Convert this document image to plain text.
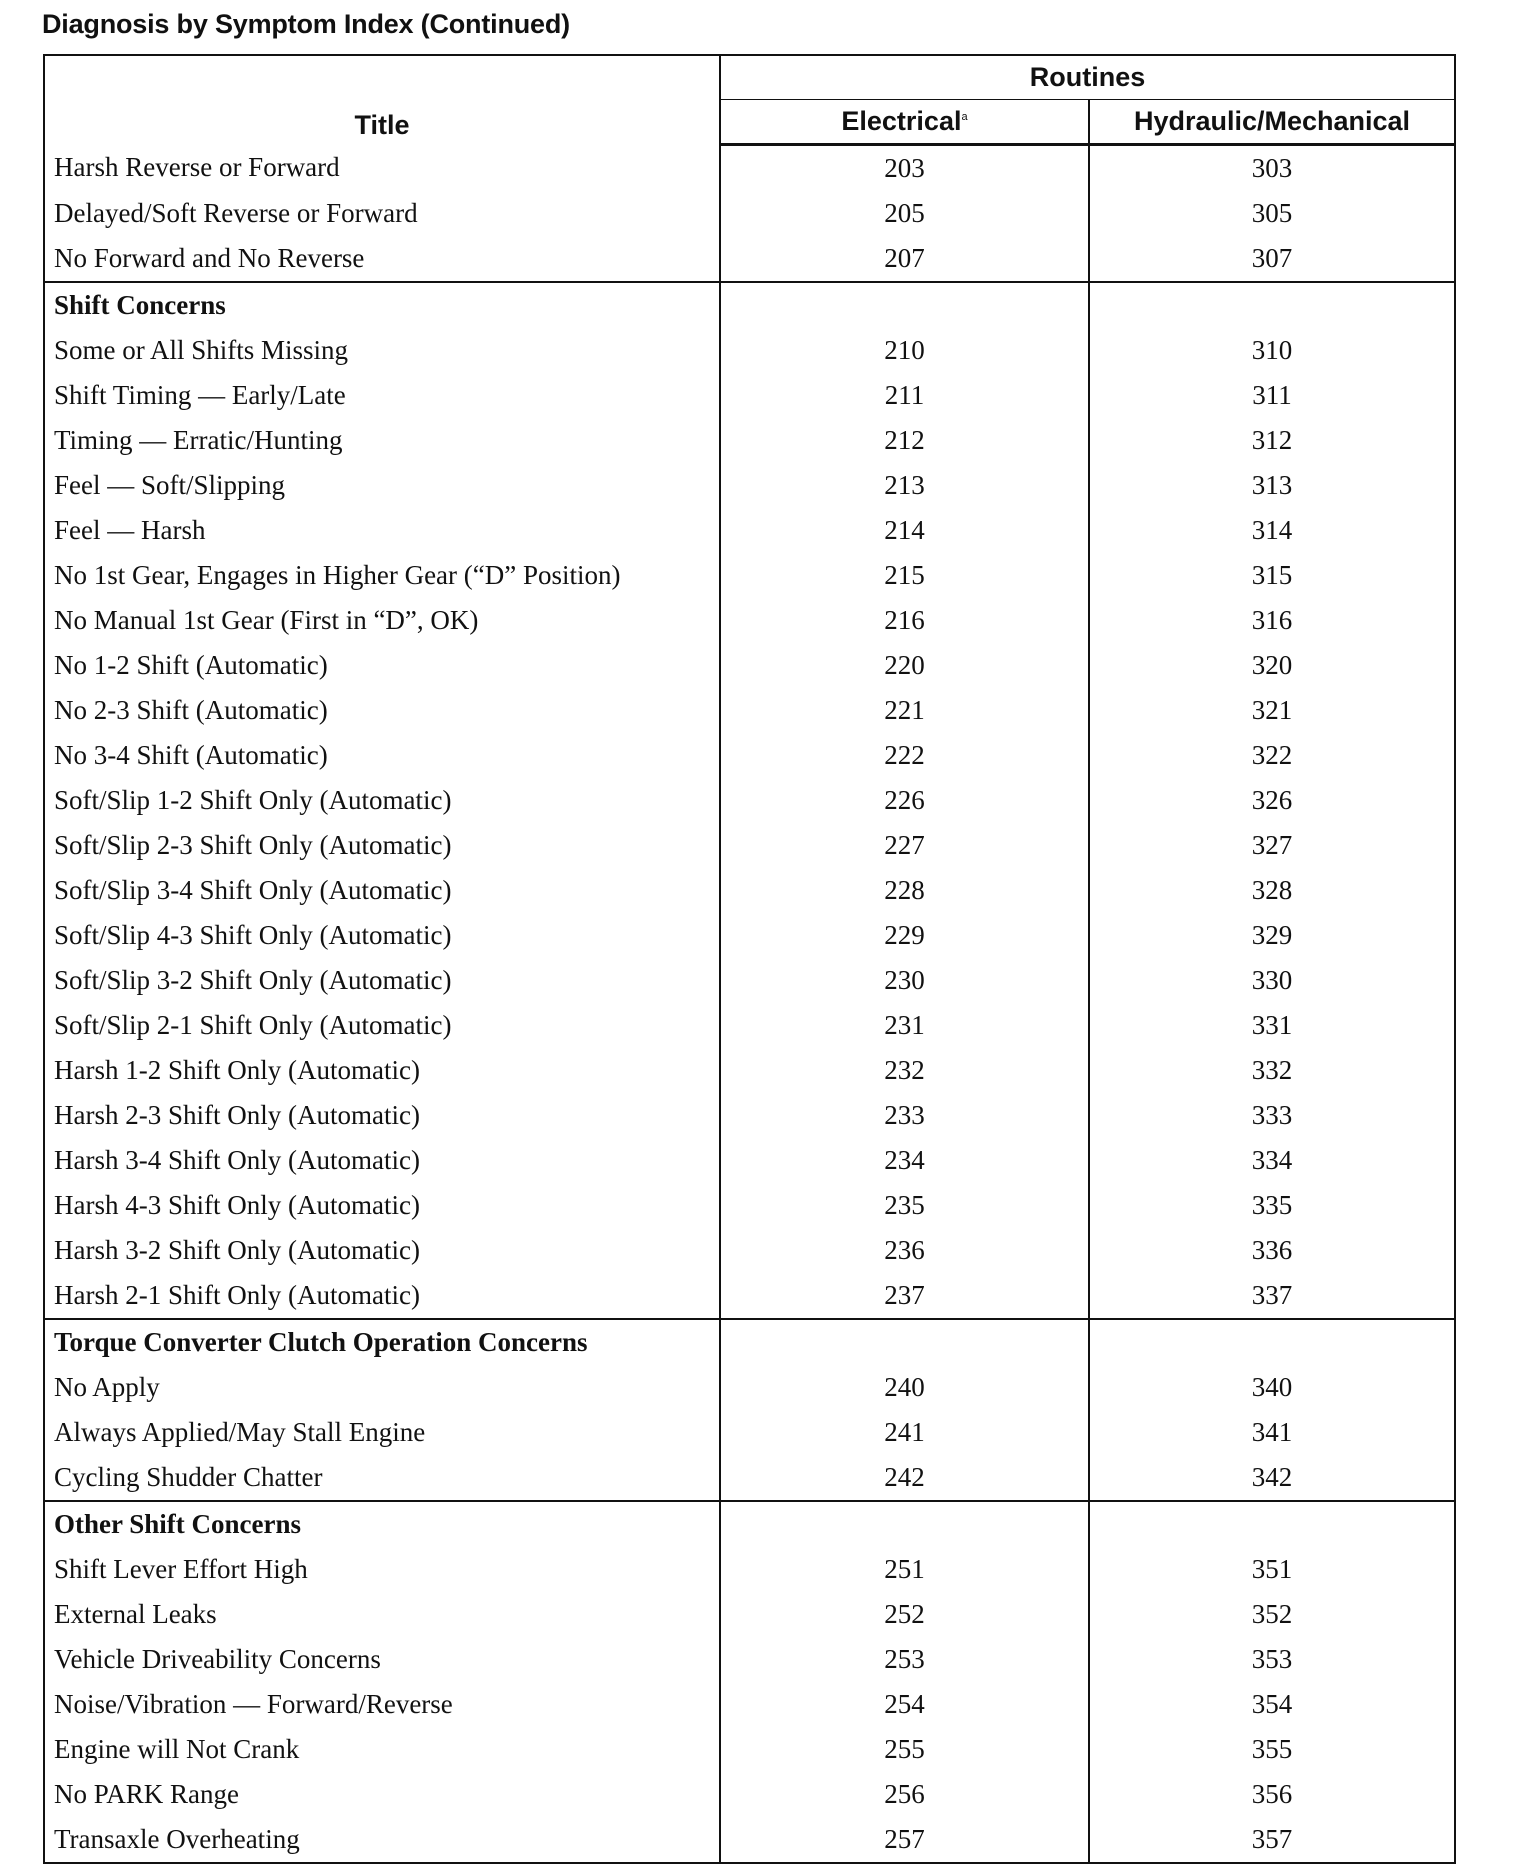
Diagnosis by Symptom Index (Continued)
Title	Routines	
	Electrical$^a$	Hydraulic/Mechanical
Harsh Reverse or Forward	203	303
Delayed/Soft Reverse or Forward	205	305
No Forward and No Reverse	207	307
Shift Concerns		
Some or All Shifts Missing	210	310
Shift Timing — Early/Late	211	311
Timing — Erratic/Hunting	212	312
Feel — Soft/Slipping	213	313
Feel — Harsh	214	314
No 1st Gear, Engages in Higher Gear (“D” Position)	215	315
No Manual 1st Gear (First in “D”, OK)	216	316
No 1-2 Shift (Automatic)	220	320
No 2-3 Shift (Automatic)	221	321
No 3-4 Shift (Automatic)	222	322
Soft/Slip 1-2 Shift Only (Automatic)	226	326
Soft/Slip 2-3 Shift Only (Automatic)	227	327
Soft/Slip 3-4 Shift Only (Automatic)	228	328
Soft/Slip 4-3 Shift Only (Automatic)	229	329
Soft/Slip 3-2 Shift Only (Automatic)	230	330
Soft/Slip 2-1 Shift Only (Automatic)	231	331
Harsh 1-2 Shift Only (Automatic)	232	332
Harsh 2-3 Shift Only (Automatic)	233	333
Harsh 3-4 Shift Only (Automatic)	234	334
Harsh 4-3 Shift Only (Automatic)	235	335
Harsh 3-2 Shift Only (Automatic)	236	336
Harsh 2-1 Shift Only (Automatic)	237	337
Torque Converter Clutch Operation Concerns		
No Apply	240	340
Always Applied/May Stall Engine	241	341
Cycling Shudder Chatter	242	342
Other Shift Concerns		
Shift Lever Effort High	251	351
External Leaks	252	352
Vehicle Driveability Concerns	253	353
Noise/Vibration — Forward/Reverse	254	354
Engine will Not Crank	255	355
No PARK Range	256	356
Transaxle Overheating	257	357
